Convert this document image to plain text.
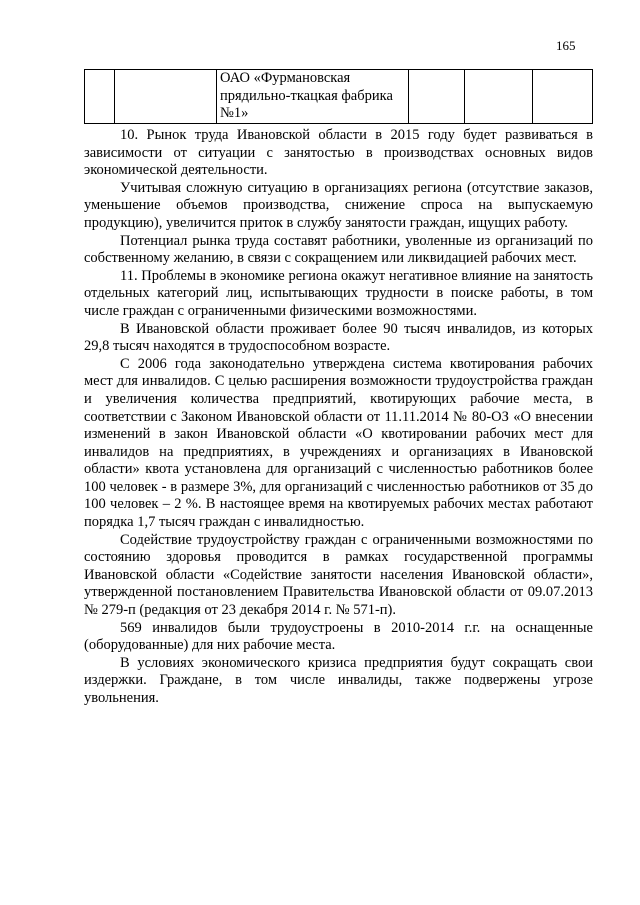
165
		ОАО «Фурмановская прядильно-ткацкая фабрика №1»			

10. Рынок труда Ивановской области в 2015 году будет развиваться в зависимости от ситуации с занятостью в производствах основных видов экономической деятельности.

Учитывая сложную ситуацию в организациях региона (отсутствие заказов, уменьшение объемов производства, снижение спроса на выпускаемую продукцию), увеличится приток в службу занятости граждан, ищущих работу.

Потенциал рынка труда составят работники, уволенные из организаций по собственному желанию, в связи с сокращением или ликвидацией рабочих мест.

11. Проблемы в экономике региона окажут негативное влияние на занятость отдельных категорий лиц, испытывающих трудности в поиске работы, в том числе граждан с ограниченными физическими возможностями.

В Ивановской области проживает более 90 тысяч инвалидов, из которых 29,8 тысяч находятся в трудоспособном возрасте.

С 2006 года законодательно утверждена система квотирования рабочих мест для инвалидов. С целью расширения возможности трудоустройства граждан и увеличения количества предприятий, квотирующих рабочие места, в соответствии с Законом Ивановской области от 11.11.2014 № 80-ОЗ «О внесении изменений в закон Ивановской области «О квотировании рабочих мест для инвалидов на предприятиях, в учреждениях и организациях в Ивановской области» квота установлена для организаций с численностью работников более 100 человек - в размере 3%, для организаций с численностью работников от 35 до 100 человек – 2 %. В настоящее время на квотируемых рабочих местах работают порядка 1,7 тысяч граждан с инвалидностью.

Содействие трудоустройству граждан с ограниченными возможностями по состоянию здоровья проводится в рамках государственной программы Ивановской области «Содействие занятости населения Ивановской области», утвержденной постановлением Правительства Ивановской области от 09.07.2013 № 279-п (редакция от 23 декабря 2014 г. № 571-п).

569 инвалидов были трудоустроены в 2010-2014 г.г. на оснащенные (оборудованные) для них рабочие места.

В условиях экономического кризиса предприятия будут сокращать свои издержки. Граждане, в том числе инвалиды, также подвержены угрозе увольнения.
